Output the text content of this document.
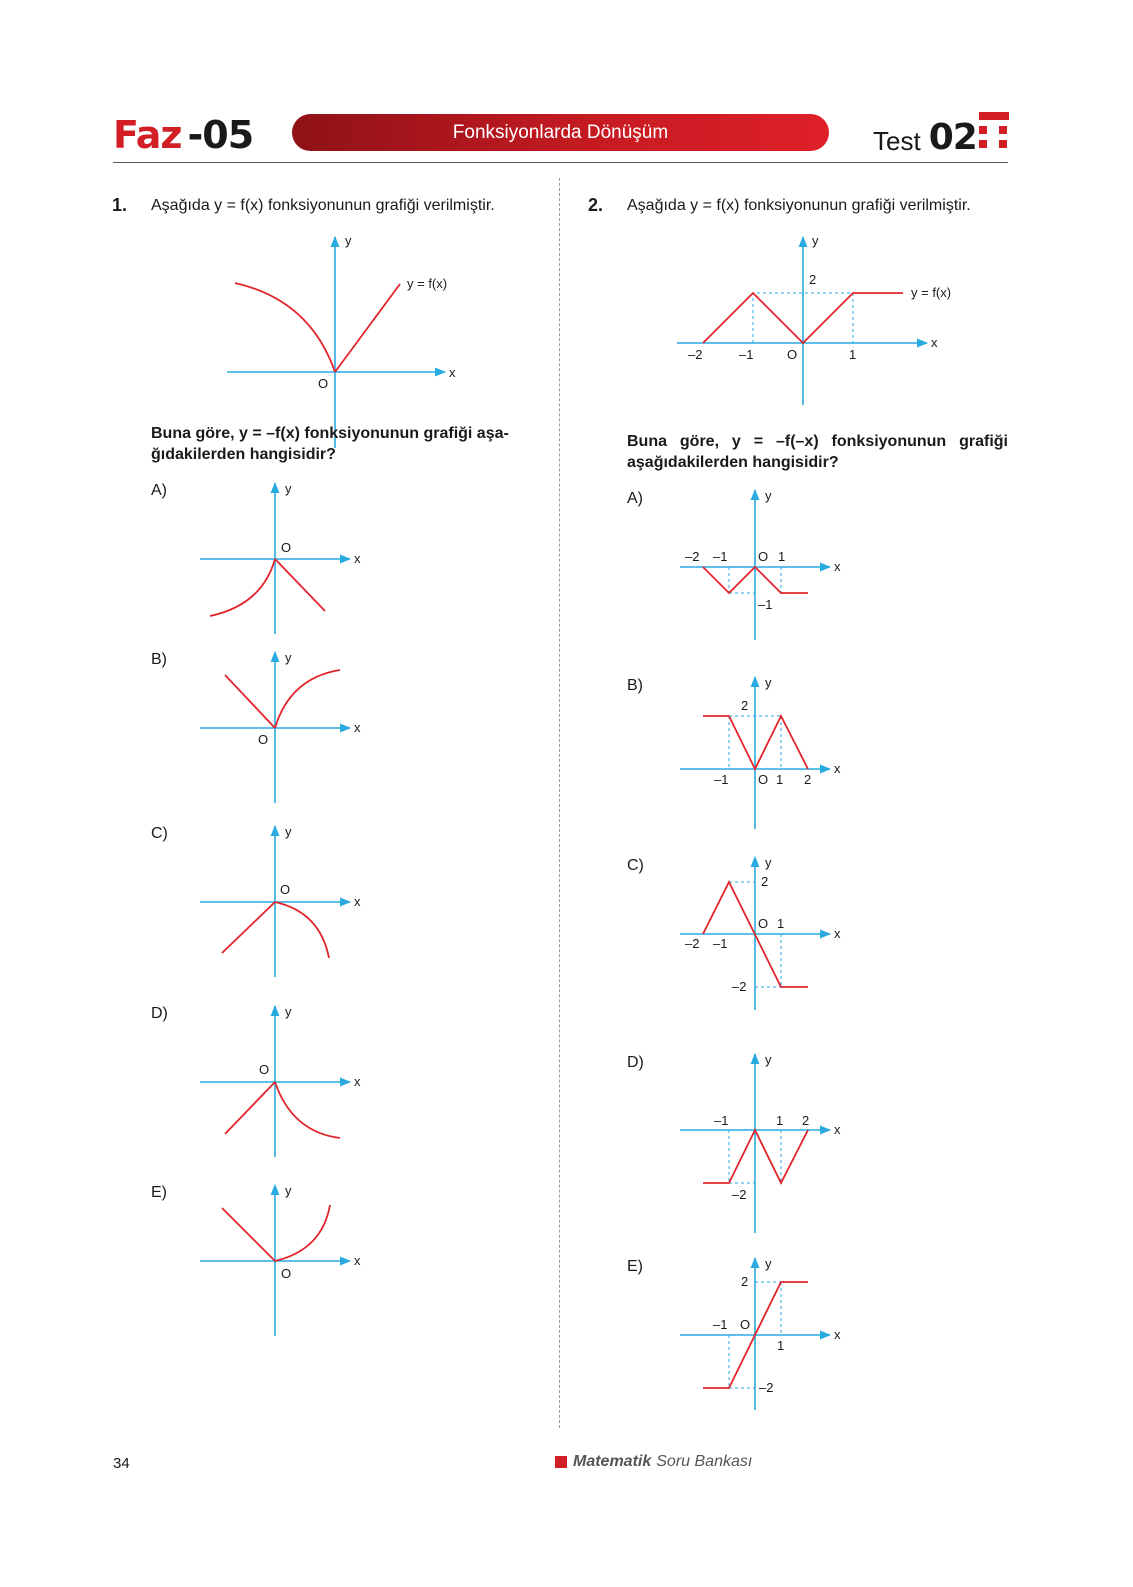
Faz -05	Fonksiyonlarda Dönüşüm	Test 02
1. Aşağıda y = f(x) fonksiyonunun grafiği verilmiştir.
y
x
O
y = f(x)
Buna göre, y = –f(x) fonksiyonunun grafiği aşa-
ğıdakilerden hangisidir?
A)
B)
C)
D)
E)
y
O
x
y
O
x
y
O
x
y
O
x
y
O
x
2. Aşağıda y = f(x) fonksiyonunun grafiği verilmiştir.
y
x
O
–2	–1	1
2
y = f(x)
Buna göre, y = –f(–x) fonksiyonunun grafiği
aşağıdakilerden hangisidir?
A)
B)
C)
D)
E)
y
x
–2 –1 O 1
–1
y
2
x
–1 O 1 2
y
2
x
O 1
–2 –1
–2
y
–1	1 2
x
–2
y
2
–1 O
x
1
–2
34	Matematik Soru Bankası
